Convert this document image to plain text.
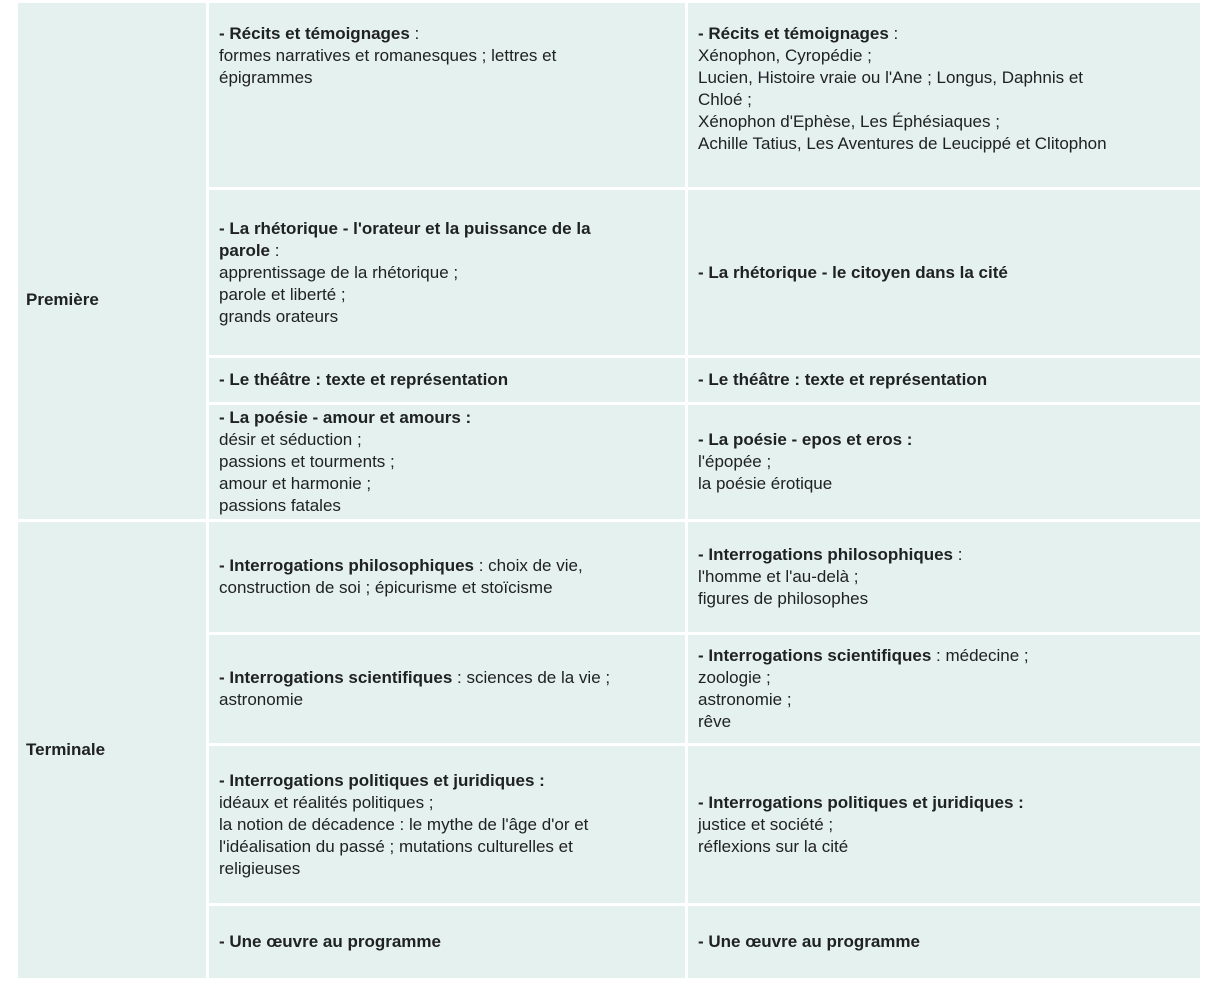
Première	- Récits et témoignages :
formes narratives et romanesques ; lettres et
épigrammes	- Récits et témoignages :
Xénophon, Cyropédie ;
Lucien, Histoire vraie ou l'Ane ; Longus, Daphnis et
Chloé ;
Xénophon d'Ephèse, Les Éphésiaques ;
Achille Tatius, Les Aventures de Leucippé et Clitophon
	- La rhétorique - l'orateur et la puissance de la
parole :
apprentissage de la rhétorique ;
parole et liberté ;
grands orateurs	- La rhétorique - le citoyen dans la cité
	- Le théâtre : texte et représentation	- Le théâtre : texte et représentation
	- La poésie - amour et amours :
désir et séduction ;
passions et tourments ;
amour et harmonie ;
passions fatales	- La poésie - epos et eros :
l'épopée ;
la poésie érotique
Terminale	- Interrogations philosophiques : choix de vie,
construction de soi ; épicurisme et stoïcisme	- Interrogations philosophiques :
l'homme et l'au-delà ;
figures de philosophes
	- Interrogations scientifiques : sciences de la vie ;
astronomie	- Interrogations scientifiques : médecine ;
zoologie ;
astronomie ;
rêve
	- Interrogations politiques et juridiques :
idéaux et réalités politiques ;
la notion de décadence : le mythe de l'âge d'or et
l'idéalisation du passé ; mutations culturelles et
religieuses	- Interrogations politiques et juridiques :
justice et société ;
réflexions sur la cité
	- Une œuvre au programme	- Une œuvre au programme
